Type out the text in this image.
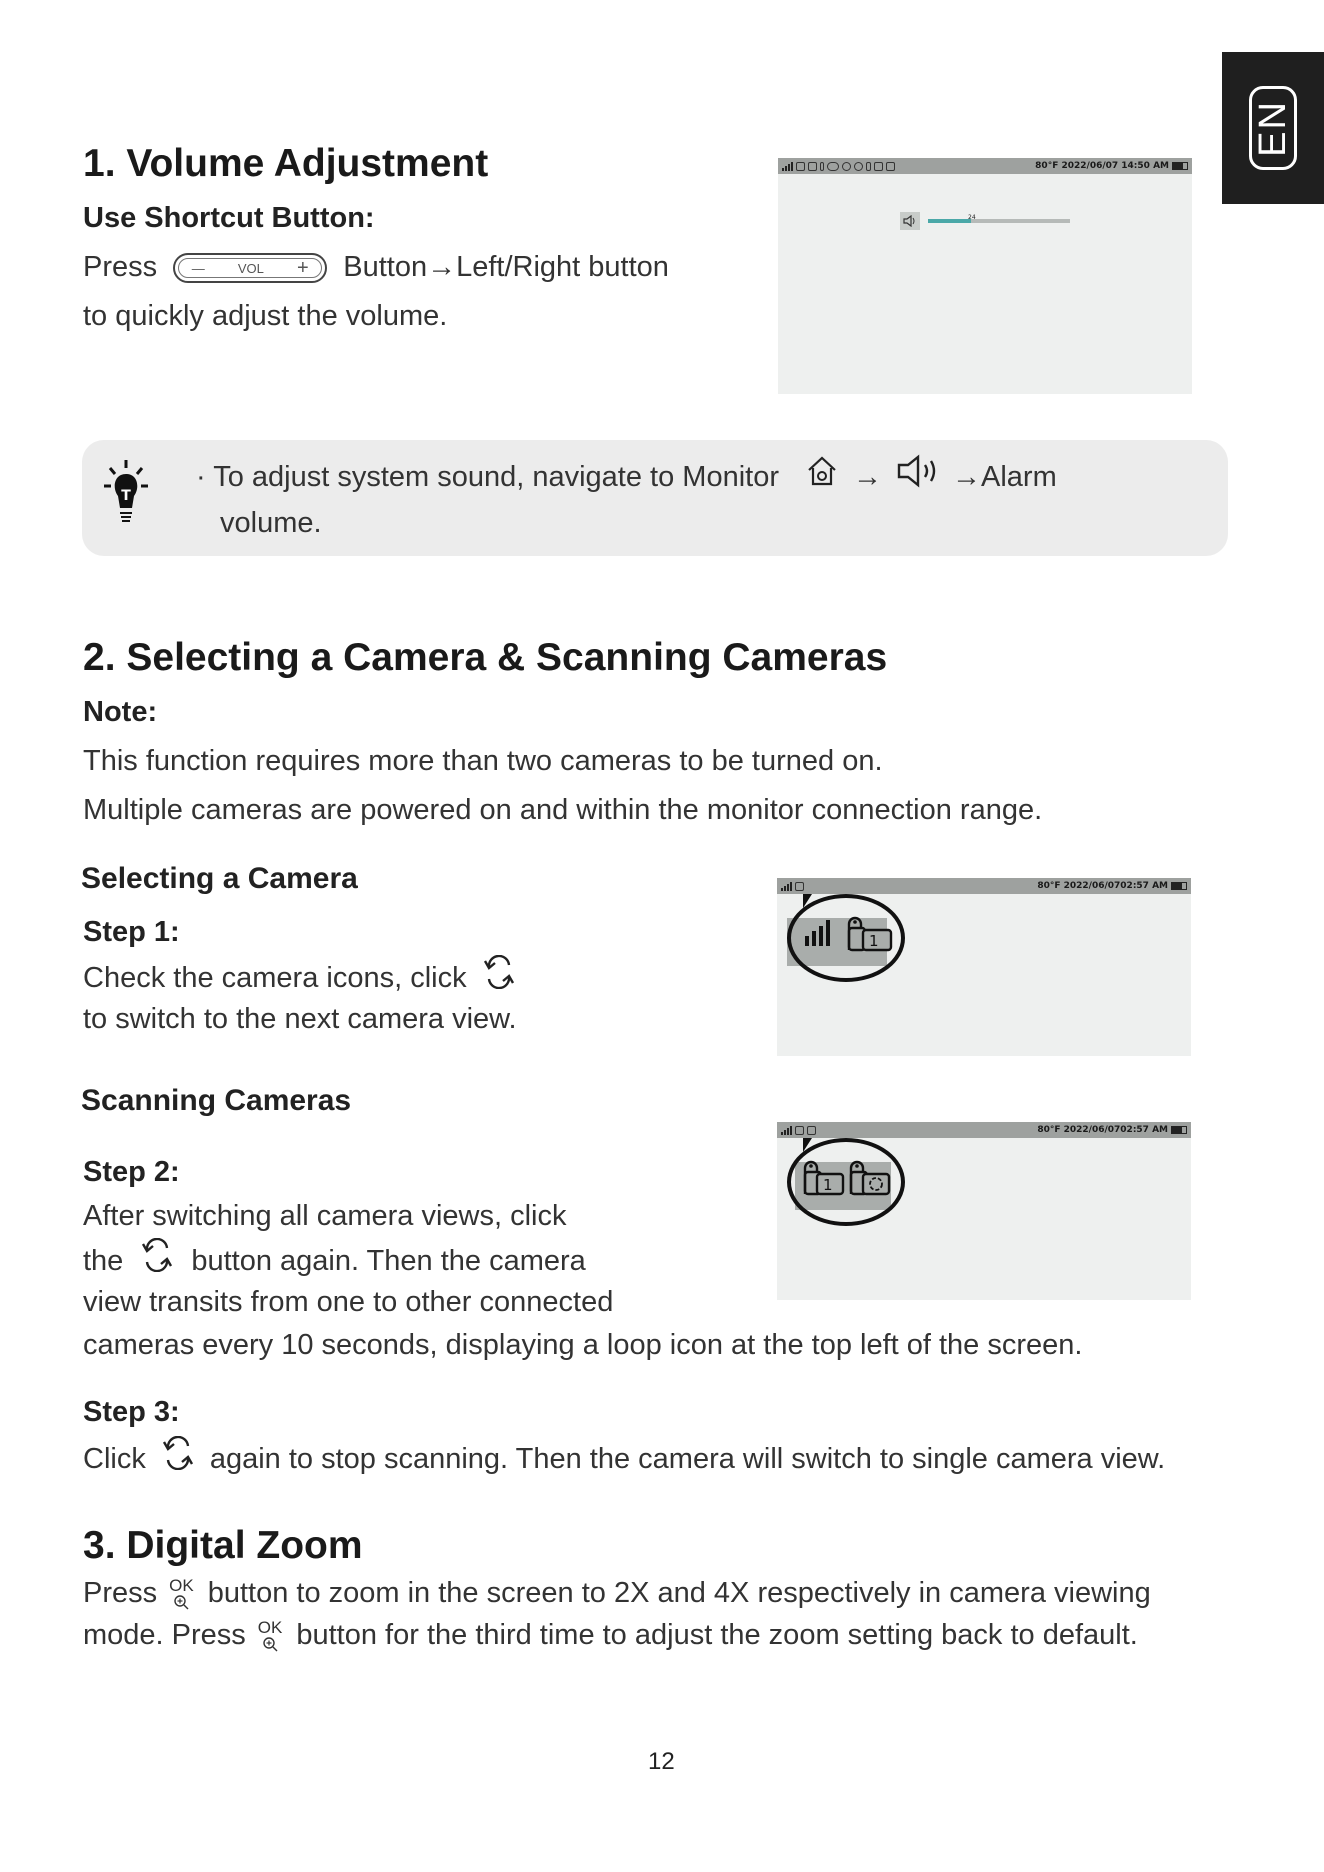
EN
1. Volume Adjustment
Use Shortcut Button:
Press	—	VOL + Button→Left/Right button
to quickly adjust the volume.
80°F 2022/06/07 14:50 AM
24
T
· To adjust system sound, navigate to Monitor	→ →Alarm
volume.
2. Selecting a Camera & Scanning Cameras
Note:
This function requires more than two cameras to be turned on.
Multiple cameras are powered on and within the monitor connection range.
Selecting a Camera
Step 1:
Check the camera icons, click
to switch to the next camera view.
80°F 2022/06/0702:57 AM
1
Scanning Cameras
Step 2:
After switching all camera views, click
the button again. Then the camera
view transits from one to other connected
cameras every 10 seconds, displaying a loop icon at the top left of the screen.
80°F 2022/06/0702:57 AM
1
Step 3:
Click again to stop scanning. Then the camera will switch to single camera view.
3. Digital Zoom
Press OK button to zoom in the screen to 2X and 4X respectively in camera viewing
mode. Press OK button for the third time to adjust the zoom setting back to default.
12
